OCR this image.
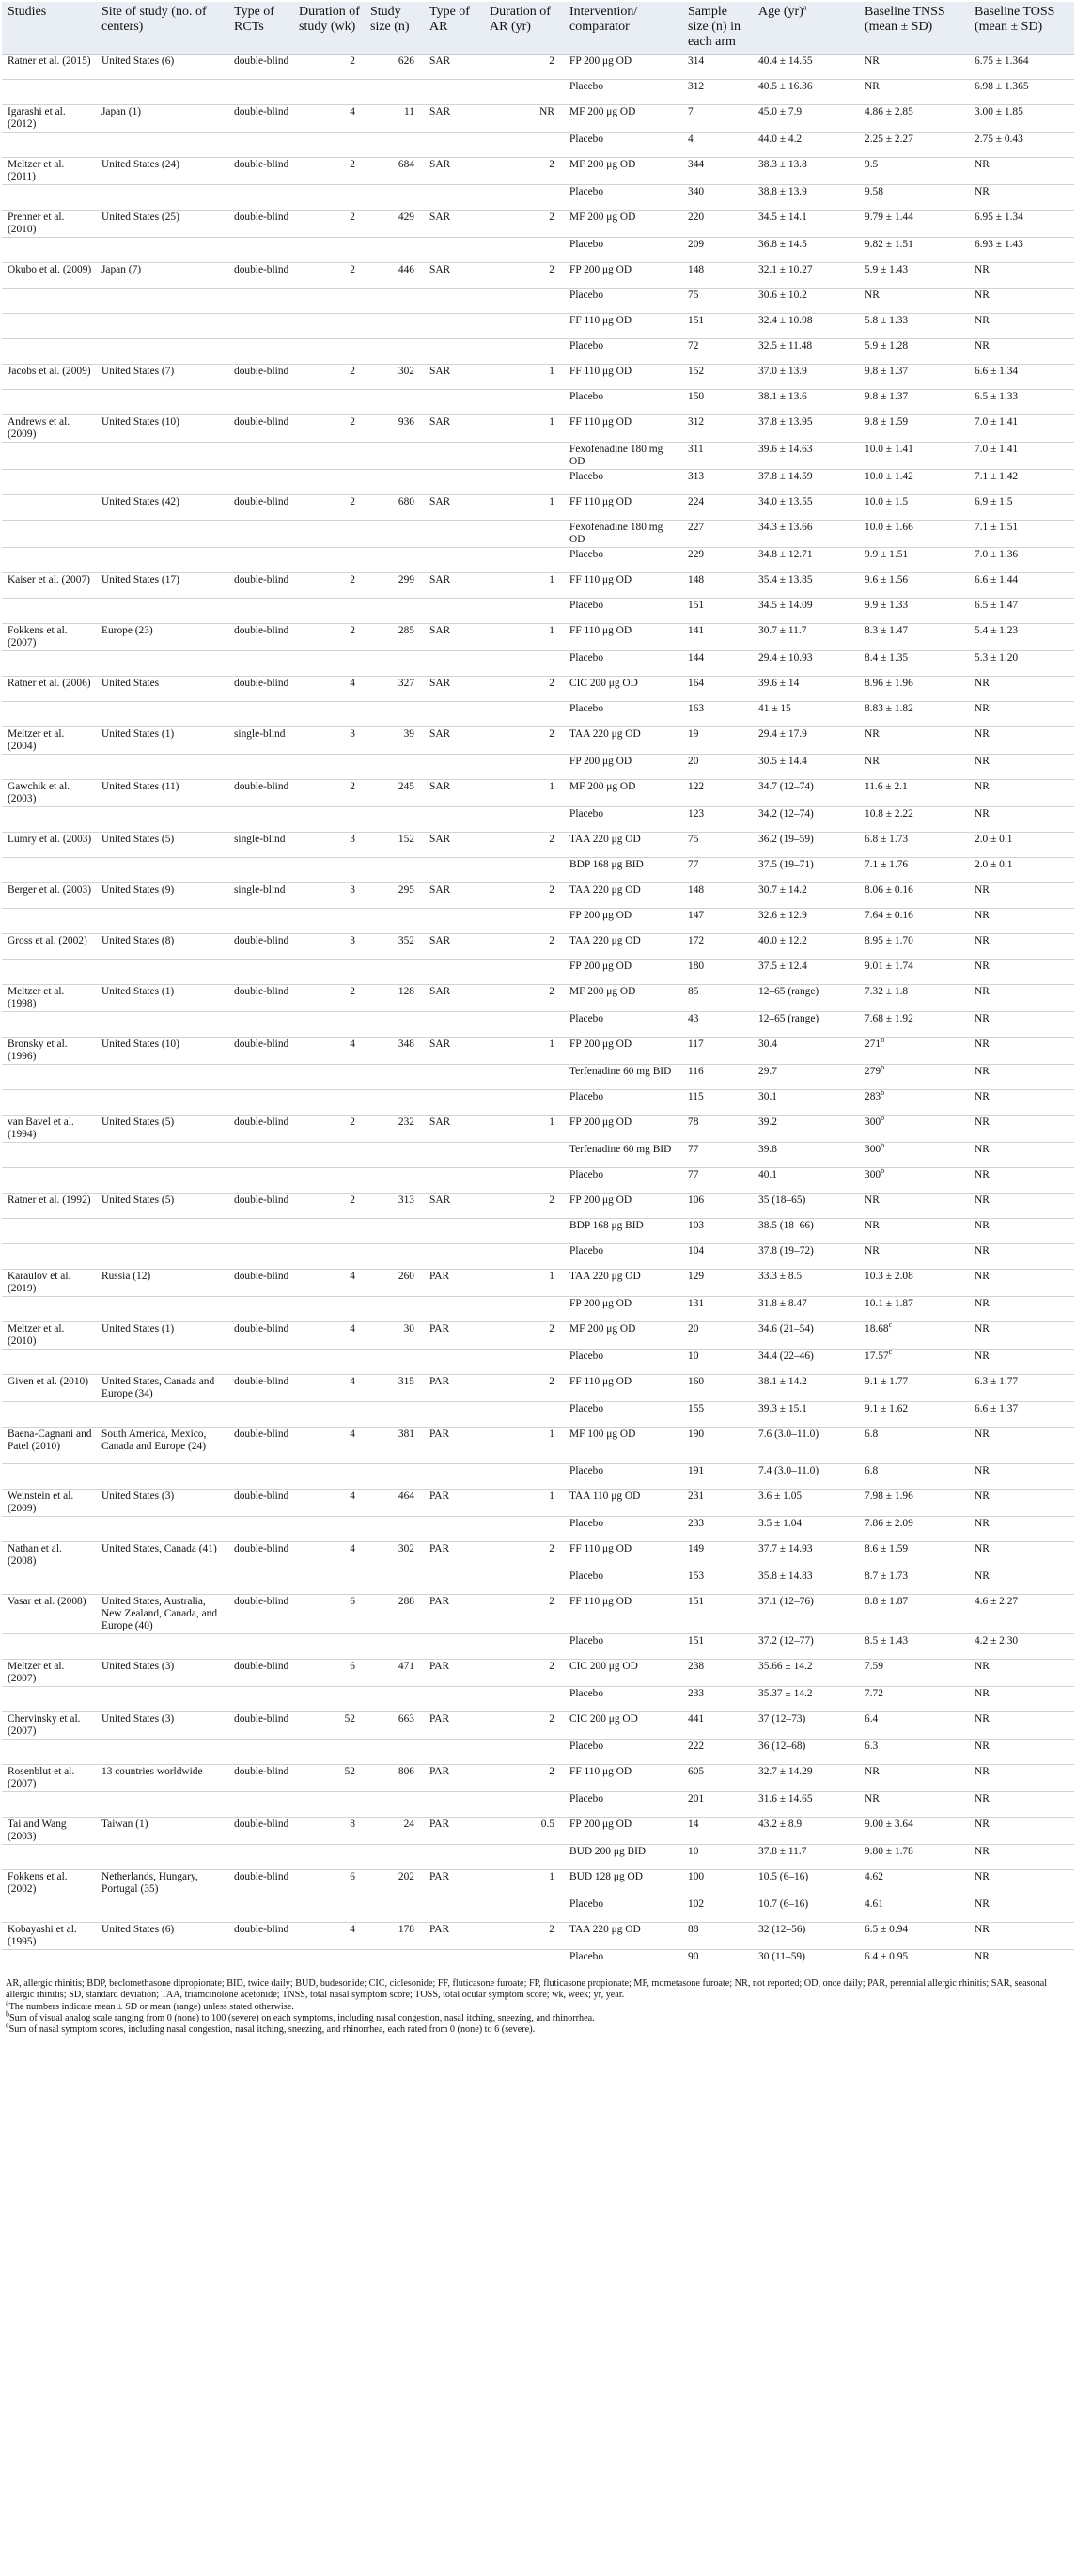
Studies	Site of study (no. of centers)	Type of RCTs	Duration of study (wk)	Study size (n)	Type of AR	Duration of AR (yr)	Intervention/ comparator	Sample size (n) in each arm	Age (yr)$^a$	Baseline TNSS (mean ± SD)	Baseline TOSS (mean ± SD)
Ratner et al. (2015)	United States (6)	double-blind	2	626	SAR	2	FP 200 μg OD	314	40.4 ± 14.55	NR	6.75 ± 1.364
							Placebo	312	40.5 ± 16.36	NR	6.98 ± 1.365
Igarashi et al. (2012)	Japan (1)	double-blind	4	11	SAR	NR	MF 200 μg OD	7	45.0 ± 7.9	4.86 ± 2.85	3.00 ± 1.85
							Placebo	4	44.0 ± 4.2	2.25 ± 2.27	2.75 ± 0.43
Meltzer et al. (2011)	United States (24)	double-blind	2	684	SAR	2	MF 200 μg OD	344	38.3 ± 13.8	9.5	NR
							Placebo	340	38.8 ± 13.9	9.58	NR
Prenner et al. (2010)	United States (25)	double-blind	2	429	SAR	2	MF 200 μg OD	220	34.5 ± 14.1	9.79 ± 1.44	6.95 ± 1.34
							Placebo	209	36.8 ± 14.5	9.82 ± 1.51	6.93 ± 1.43
Okubo et al. (2009)	Japan (7)	double-blind	2	446	SAR	2	FP 200 μg OD	148	32.1 ± 10.27	5.9 ± 1.43	NR
							Placebo	75	30.6 ± 10.2	NR	NR
							FF 110 μg OD	151	32.4 ± 10.98	5.8 ± 1.33	NR
							Placebo	72	32.5 ± 11.48	5.9 ± 1.28	NR
Jacobs et al. (2009)	United States (7)	double-blind	2	302	SAR	1	FF 110 μg OD	152	37.0 ± 13.9	9.8 ± 1.37	6.6 ± 1.34
							Placebo	150	38.1 ± 13.6	9.8 ± 1.37	6.5 ± 1.33
Andrews et al. (2009)	United States (10)	double-blind	2	936	SAR	1	FF 110 μg OD	312	37.8 ± 13.95	9.8 ± 1.59	7.0 ± 1.41
							Fexofenadine 180 mg OD	311	39.6 ± 14.63	10.0 ± 1.41	7.0 ± 1.41
							Placebo	313	37.8 ± 14.59	10.0 ± 1.42	7.1 ± 1.42
	United States (42)	double-blind	2	680	SAR	1	FF 110 μg OD	224	34.0 ± 13.55	10.0 ± 1.5	6.9 ± 1.5
							Fexofenadine 180 mg OD	227	34.3 ± 13.66	10.0 ± 1.66	7.1 ± 1.51
							Placebo	229	34.8 ± 12.71	9.9 ± 1.51	7.0 ± 1.36
Kaiser et al. (2007)	United States (17)	double-blind	2	299	SAR	1	FF 110 μg OD	148	35.4 ± 13.85	9.6 ± 1.56	6.6 ± 1.44
							Placebo	151	34.5 ± 14.09	9.9 ± 1.33	6.5 ± 1.47
Fokkens et al. (2007)	Europe (23)	double-blind	2	285	SAR	1	FF 110 μg OD	141	30.7 ± 11.7	8.3 ± 1.47	5.4 ± 1.23
							Placebo	144	29.4 ± 10.93	8.4 ± 1.35	5.3 ± 1.20
Ratner et al. (2006)	United States	double-blind	4	327	SAR	2	CIC 200 μg OD	164	39.6 ± 14	8.96 ± 1.96	NR
							Placebo	163	41 ± 15	8.83 ± 1.82	NR
Meltzer et al. (2004)	United States (1)	single-blind	3	39	SAR	2	TAA 220 μg OD	19	29.4 ± 17.9	NR	NR
							FP 200 μg OD	20	30.5 ± 14.4	NR	NR
Gawchik et al. (2003)	United States (11)	double-blind	2	245	SAR	1	MF 200 μg OD	122	34.7 (12–74)	11.6 ± 2.1	NR
							Placebo	123	34.2 (12–74)	10.8 ± 2.22	NR
Lumry et al. (2003)	United States (5)	single-blind	3	152	SAR	2	TAA 220 μg OD	75	36.2 (19–59)	6.8 ± 1.73	2.0 ± 0.1
							BDP 168 μg BID	77	37.5 (19–71)	7.1 ± 1.76	2.0 ± 0.1
Berger et al. (2003)	United States (9)	single-blind	3	295	SAR	2	TAA 220 μg OD	148	30.7 ± 14.2	8.06 ± 0.16	NR
							FP 200 μg OD	147	32.6 ± 12.9	7.64 ± 0.16	NR
Gross et al. (2002)	United States (8)	double-blind	3	352	SAR	2	TAA 220 μg OD	172	40.0 ± 12.2	8.95 ± 1.70	NR
							FP 200 μg OD	180	37.5 ± 12.4	9.01 ± 1.74	NR
Meltzer et al. (1998)	United States (1)	double-blind	2	128	SAR	2	MF 200 μg OD	85	12–65 (range)	7.32 ± 1.8	NR
							Placebo	43	12–65 (range)	7.68 ± 1.92	NR
Bronsky et al. (1996)	United States (10)	double-blind	4	348	SAR	1	FP 200 μg OD	117	30.4	271$^b$	NR
							Terfenadine 60 mg BID	116	29.7	279$^b$	NR
							Placebo	115	30.1	283$^b$	NR
van Bavel et al. (1994)	United States (5)	double-blind	2	232	SAR	1	FP 200 μg OD	78	39.2	300$^b$	NR
							Terfenadine 60 mg BID	77	39.8	300$^b$	NR
							Placebo	77	40.1	300$^b$	NR
Ratner et al. (1992)	United States (5)	double-blind	2	313	SAR	2	FP 200 μg OD	106	35 (18–65)	NR	NR
							BDP 168 μg BID	103	38.5 (18–66)	NR	NR
							Placebo	104	37.8 (19–72)	NR	NR
Karaulov et al. (2019)	Russia (12)	double-blind	4	260	PAR	1	TAA 220 μg OD	129	33.3 ± 8.5	10.3 ± 2.08	NR
							FP 200 μg OD	131	31.8 ± 8.47	10.1 ± 1.87	NR
Meltzer et al. (2010)	United States (1)	double-blind	4	30	PAR	2	MF 200 μg OD	20	34.6 (21–54)	18.68$^c$	NR
							Placebo	10	34.4 (22–46)	17.57$^c$	NR
Given et al. (2010)	United States, Canada and Europe (34)	double-blind	4	315	PAR	2	FF 110 μg OD	160	38.1 ± 14.2	9.1 ± 1.77	6.3 ± 1.77
							Placebo	155	39.3 ± 15.1	9.1 ± 1.62	6.6 ± 1.37
Baena-Cagnani and Patel (2010)	South America, Mexico, Canada and Europe (24)	double-blind	4	381	PAR	1	MF 100 μg OD	190	7.6 (3.0–11.0)	6.8	NR
							Placebo	191	7.4 (3.0–11.0)	6.8	NR
Weinstein et al. (2009)	United States (3)	double-blind	4	464	PAR	1	TAA 110 μg OD	231	3.6 ± 1.05	7.98 ± 1.96	NR
							Placebo	233	3.5 ± 1.04	7.86 ± 2.09	NR
Nathan et al. (2008)	United States, Canada (41)	double-blind	4	302	PAR	2	FF 110 μg OD	149	37.7 ± 14.93	8.6 ± 1.59	NR
							Placebo	153	35.8 ± 14.83	8.7 ± 1.73	NR
Vasar et al. (2008)	United States, Australia, New Zealand, Canada, and Europe (40)	double-blind	6	288	PAR	2	FF 110 μg OD	151	37.1 (12–76)	8.8 ± 1.87	4.6 ± 2.27
							Placebo	151	37.2 (12–77)	8.5 ± 1.43	4.2 ± 2.30
Meltzer et al. (2007)	United States (3)	double-blind	6	471	PAR	2	CIC 200 μg OD	238	35.66 ± 14.2	7.59	NR
							Placebo	233	35.37 ± 14.2	7.72	NR
Chervinsky et al. (2007)	United States (3)	double-blind	52	663	PAR	2	CIC 200 μg OD	441	37 (12–73)	6.4	NR
							Placebo	222	36 (12–68)	6.3	NR
Rosenblut et al. (2007)	13 countries worldwide	double-blind	52	806	PAR	2	FF 110 μg OD	605	32.7 ± 14.29	NR	NR
							Placebo	201	31.6 ± 14.65	NR	NR
Tai and Wang (2003)	Taiwan (1)	double-blind	8	24	PAR	0.5	FP 200 μg OD	14	43.2 ± 8.9	9.00 ± 3.64	NR
							BUD 200 μg BID	10	37.8 ± 11.7	9.80 ± 1.78	NR
Fokkens et al. (2002)	Netherlands, Hungary, Portugal (35)	double-blind	6	202	PAR	1	BUD 128 μg OD	100	10.5 (6–16)	4.62	NR
							Placebo	102	10.7 (6–16)	4.61	NR
Kobayashi et al. (1995)	United States (6)	double-blind	4	178	PAR	2	TAA 220 μg OD	88	32 (12–56)	6.5 ± 0.94	NR
							Placebo	90	30 (11–59)	6.4 ± 0.95	NR
AR, allergic rhinitis; BDP, beclomethasone dipropionate; BID, twice daily; BUD, budesonide; CIC, ciclesonide; FF, fluticasone furoate; FP, fluticasone propionate; MF, mometasone furoate; NR, not reported; OD, once daily; PAR, perennial allergic rhinitis; SAR, seasonal allergic rhinitis; SD, standard deviation; TAA, triamcinolone acetonide; TNSS, total nasal symptom score; TOSS, total ocular symptom score; wk, week; yr, year.
$^a$The numbers indicate mean ± SD or mean (range) unless stated otherwise.
$^b$Sum of visual analog scale ranging from 0 (none) to 100 (severe) on each symptoms, including nasal congestion, nasal itching, sneezing, and rhinorrhea.
$^c$Sum of nasal symptom scores, including nasal congestion, nasal itching, sneezing, and rhinorrhea, each rated from 0 (none) to 6 (severe).
